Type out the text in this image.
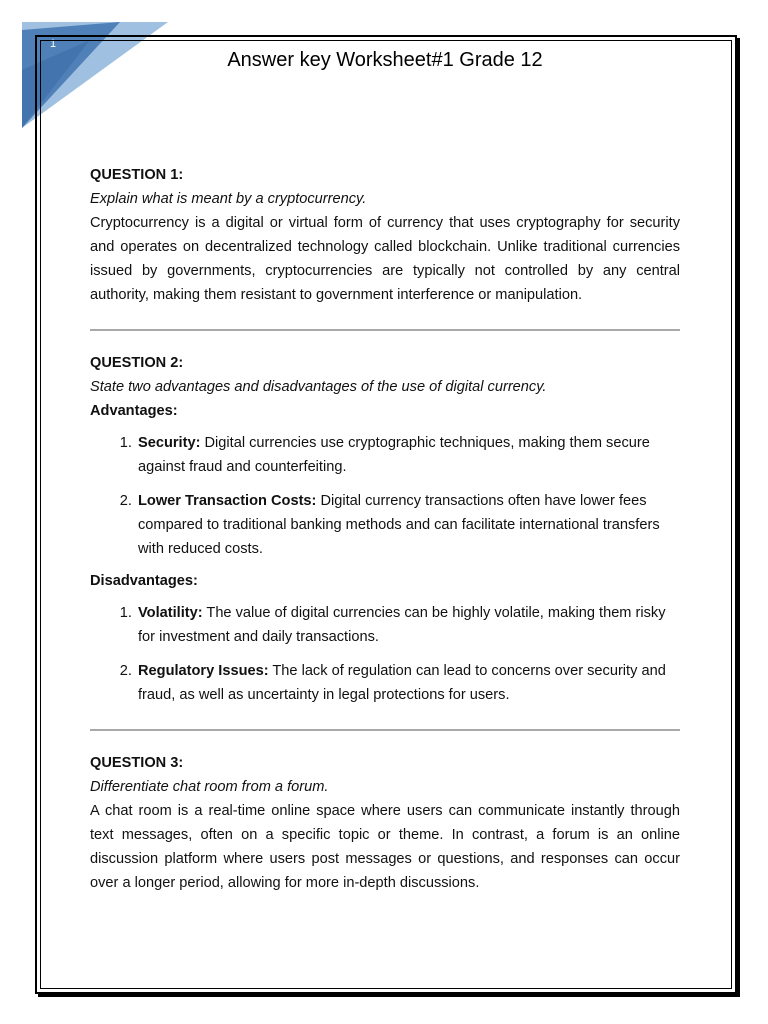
1
Answer key Worksheet#1 Grade 12
QUESTION 1:
Explain what is meant by a cryptocurrency.
Cryptocurrency is a digital or virtual form of currency that uses cryptography for security and operates on decentralized technology called blockchain. Unlike traditional currencies issued by governments, cryptocurrencies are typically not controlled by any central authority, making them resistant to government interference or manipulation.
QUESTION 2:
State two advantages and disadvantages of the use of digital currency.
Advantages:
1. Security: Digital currencies use cryptographic techniques, making them secure against fraud and counterfeiting.
2. Lower Transaction Costs: Digital currency transactions often have lower fees compared to traditional banking methods and can facilitate international transfers with reduced costs.
Disadvantages:
1. Volatility: The value of digital currencies can be highly volatile, making them risky for investment and daily transactions.
2. Regulatory Issues: The lack of regulation can lead to concerns over security and fraud, as well as uncertainty in legal protections for users.
QUESTION 3:
Differentiate chat room from a forum.
A chat room is a real-time online space where users can communicate instantly through text messages, often on a specific topic or theme. In contrast, a forum is an online discussion platform where users post messages or questions, and responses can occur over a longer period, allowing for more in-depth discussions.
